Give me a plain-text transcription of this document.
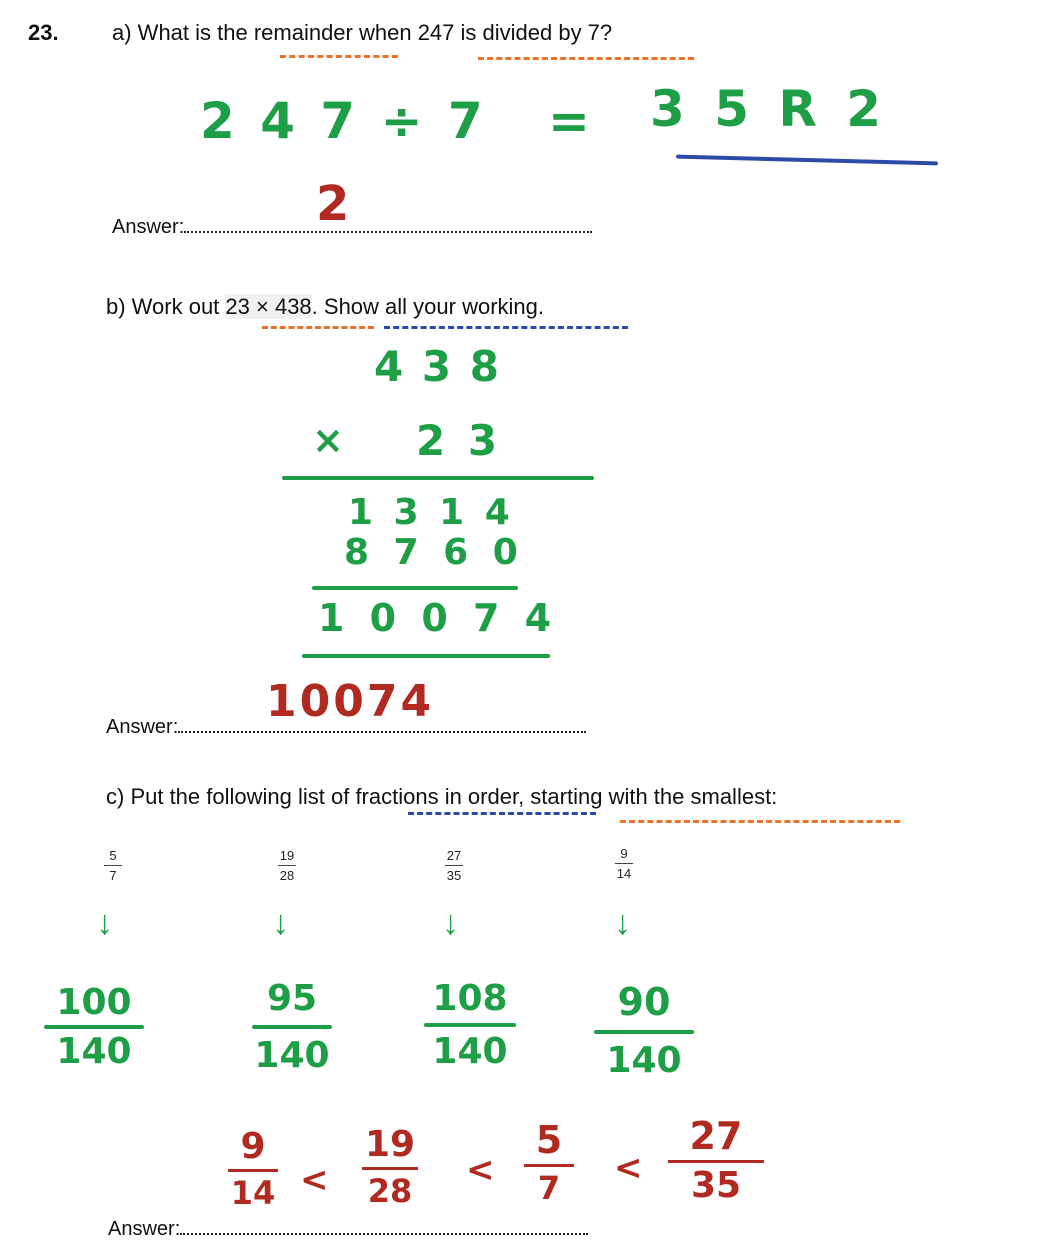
23. a) What is the remainder when 247 is divided by 7?
2 4 7 ÷ 7 = 3 5 R 2
Answer:	2
b) Work out 23 × 438. Show all your working.
4 3 8
× 2 3
1 3 1 4
8 7 6 0
1 0 0 7 4
Answer:	10074
c) Put the following list of fractions in order, starting with the smallest:
5
7
19
28
27
35
9
14
↓	↓	↓	↓
100
140
95
140
108
140
90
140
9
14 <
19
28
<
5
7	<
27
35
Answer:
